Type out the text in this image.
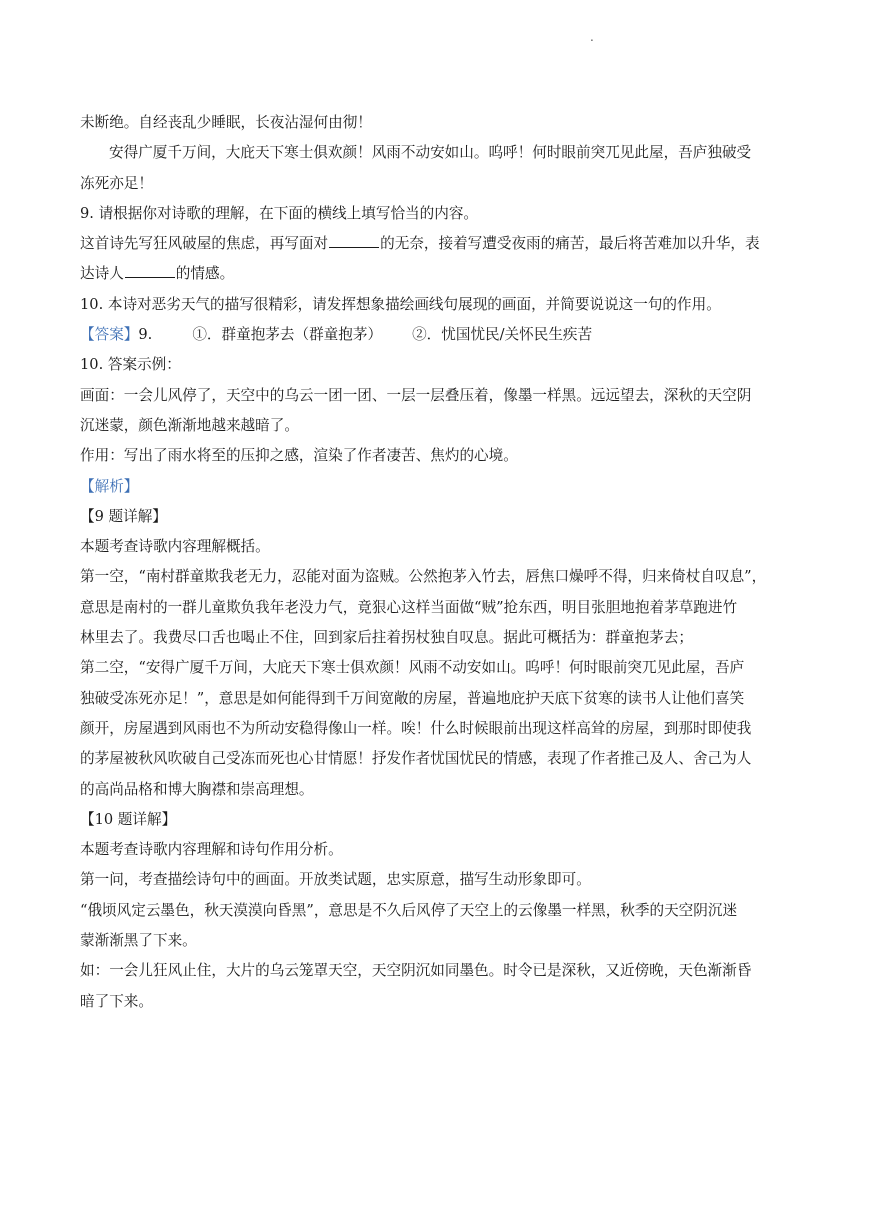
.

未断绝。自经丧乱少睡眠，长夜沾湿何由彻！

安得广厦千万间，大庇天下寒士俱欢颜！风雨不动安如山。呜呼！何时眼前突兀见此屋，吾庐独破受

冻死亦足！

9. 请根据你对诗歌的理解，在下面的横线上填写恰当的内容。

这首诗先写狂风破屋的焦虑，再写面对	的无奈，接着写遭受夜雨的痛苦，最后将苦难加以升华，表

达诗人	的情感。

10. 本诗对恶劣天气的描写很精彩，请发挥想象描绘画线句展现的画面，并简要说说这一句的作用。

【答案】9.	①．群童抱茅去（群童抱茅） ②．忧国忧民/关怀民生疾苦

10. 答案示例：

画面：一会儿风停了，天空中的乌云一团一团、一层一层叠压着，像墨一样黑。远远望去，深秋的天空阴

沉迷蒙，颜色渐渐地越来越暗了。

作用：写出了雨水将至的压抑之感，渲染了作者凄苦、焦灼的心境。

【解析】

【9 题详解】

本题考查诗歌内容理解概括。

第一空，“南村群童欺我老无力，忍能对面为盗贼。公然抱茅入竹去，唇焦口燥呼不得，归来倚杖自叹息”，

意思是南村的一群儿童欺负我年老没力气，竟狠心这样当面做“贼”抢东西，明目张胆地抱着茅草跑进竹

林里去了。我费尽口舌也喝止不住，回到家后拄着拐杖独自叹息。据此可概括为：群童抱茅去；

第二空，“安得广厦千万间，大庇天下寒士俱欢颜！风雨不动安如山。呜呼！何时眼前突兀见此屋，吾庐

独破受冻死亦足！”，意思是如何能得到千万间宽敞的房屋，普遍地庇护天底下贫寒的读书人让他们喜笑

颜开，房屋遇到风雨也不为所动安稳得像山一样。唉！什么时候眼前出现这样高耸的房屋，到那时即使我

的茅屋被秋风吹破自己受冻而死也心甘情愿！抒发作者忧国忧民的情感，表现了作者推己及人、舍己为人

的高尚品格和博大胸襟和崇高理想。

【10 题详解】

本题考查诗歌内容理解和诗句作用分析。

第一问，考查描绘诗句中的画面。开放类试题，忠实原意，描写生动形象即可。

“俄顷风定云墨色，秋天漠漠向昏黑”，意思是不久后风停了天空上的云像墨一样黑，秋季的天空阴沉迷

蒙渐渐黑了下来。

如：一会儿狂风止住，大片的乌云笼罩天空，天空阴沉如同墨色。时令已是深秋，又近傍晚，天色渐渐昏

暗了下来。
